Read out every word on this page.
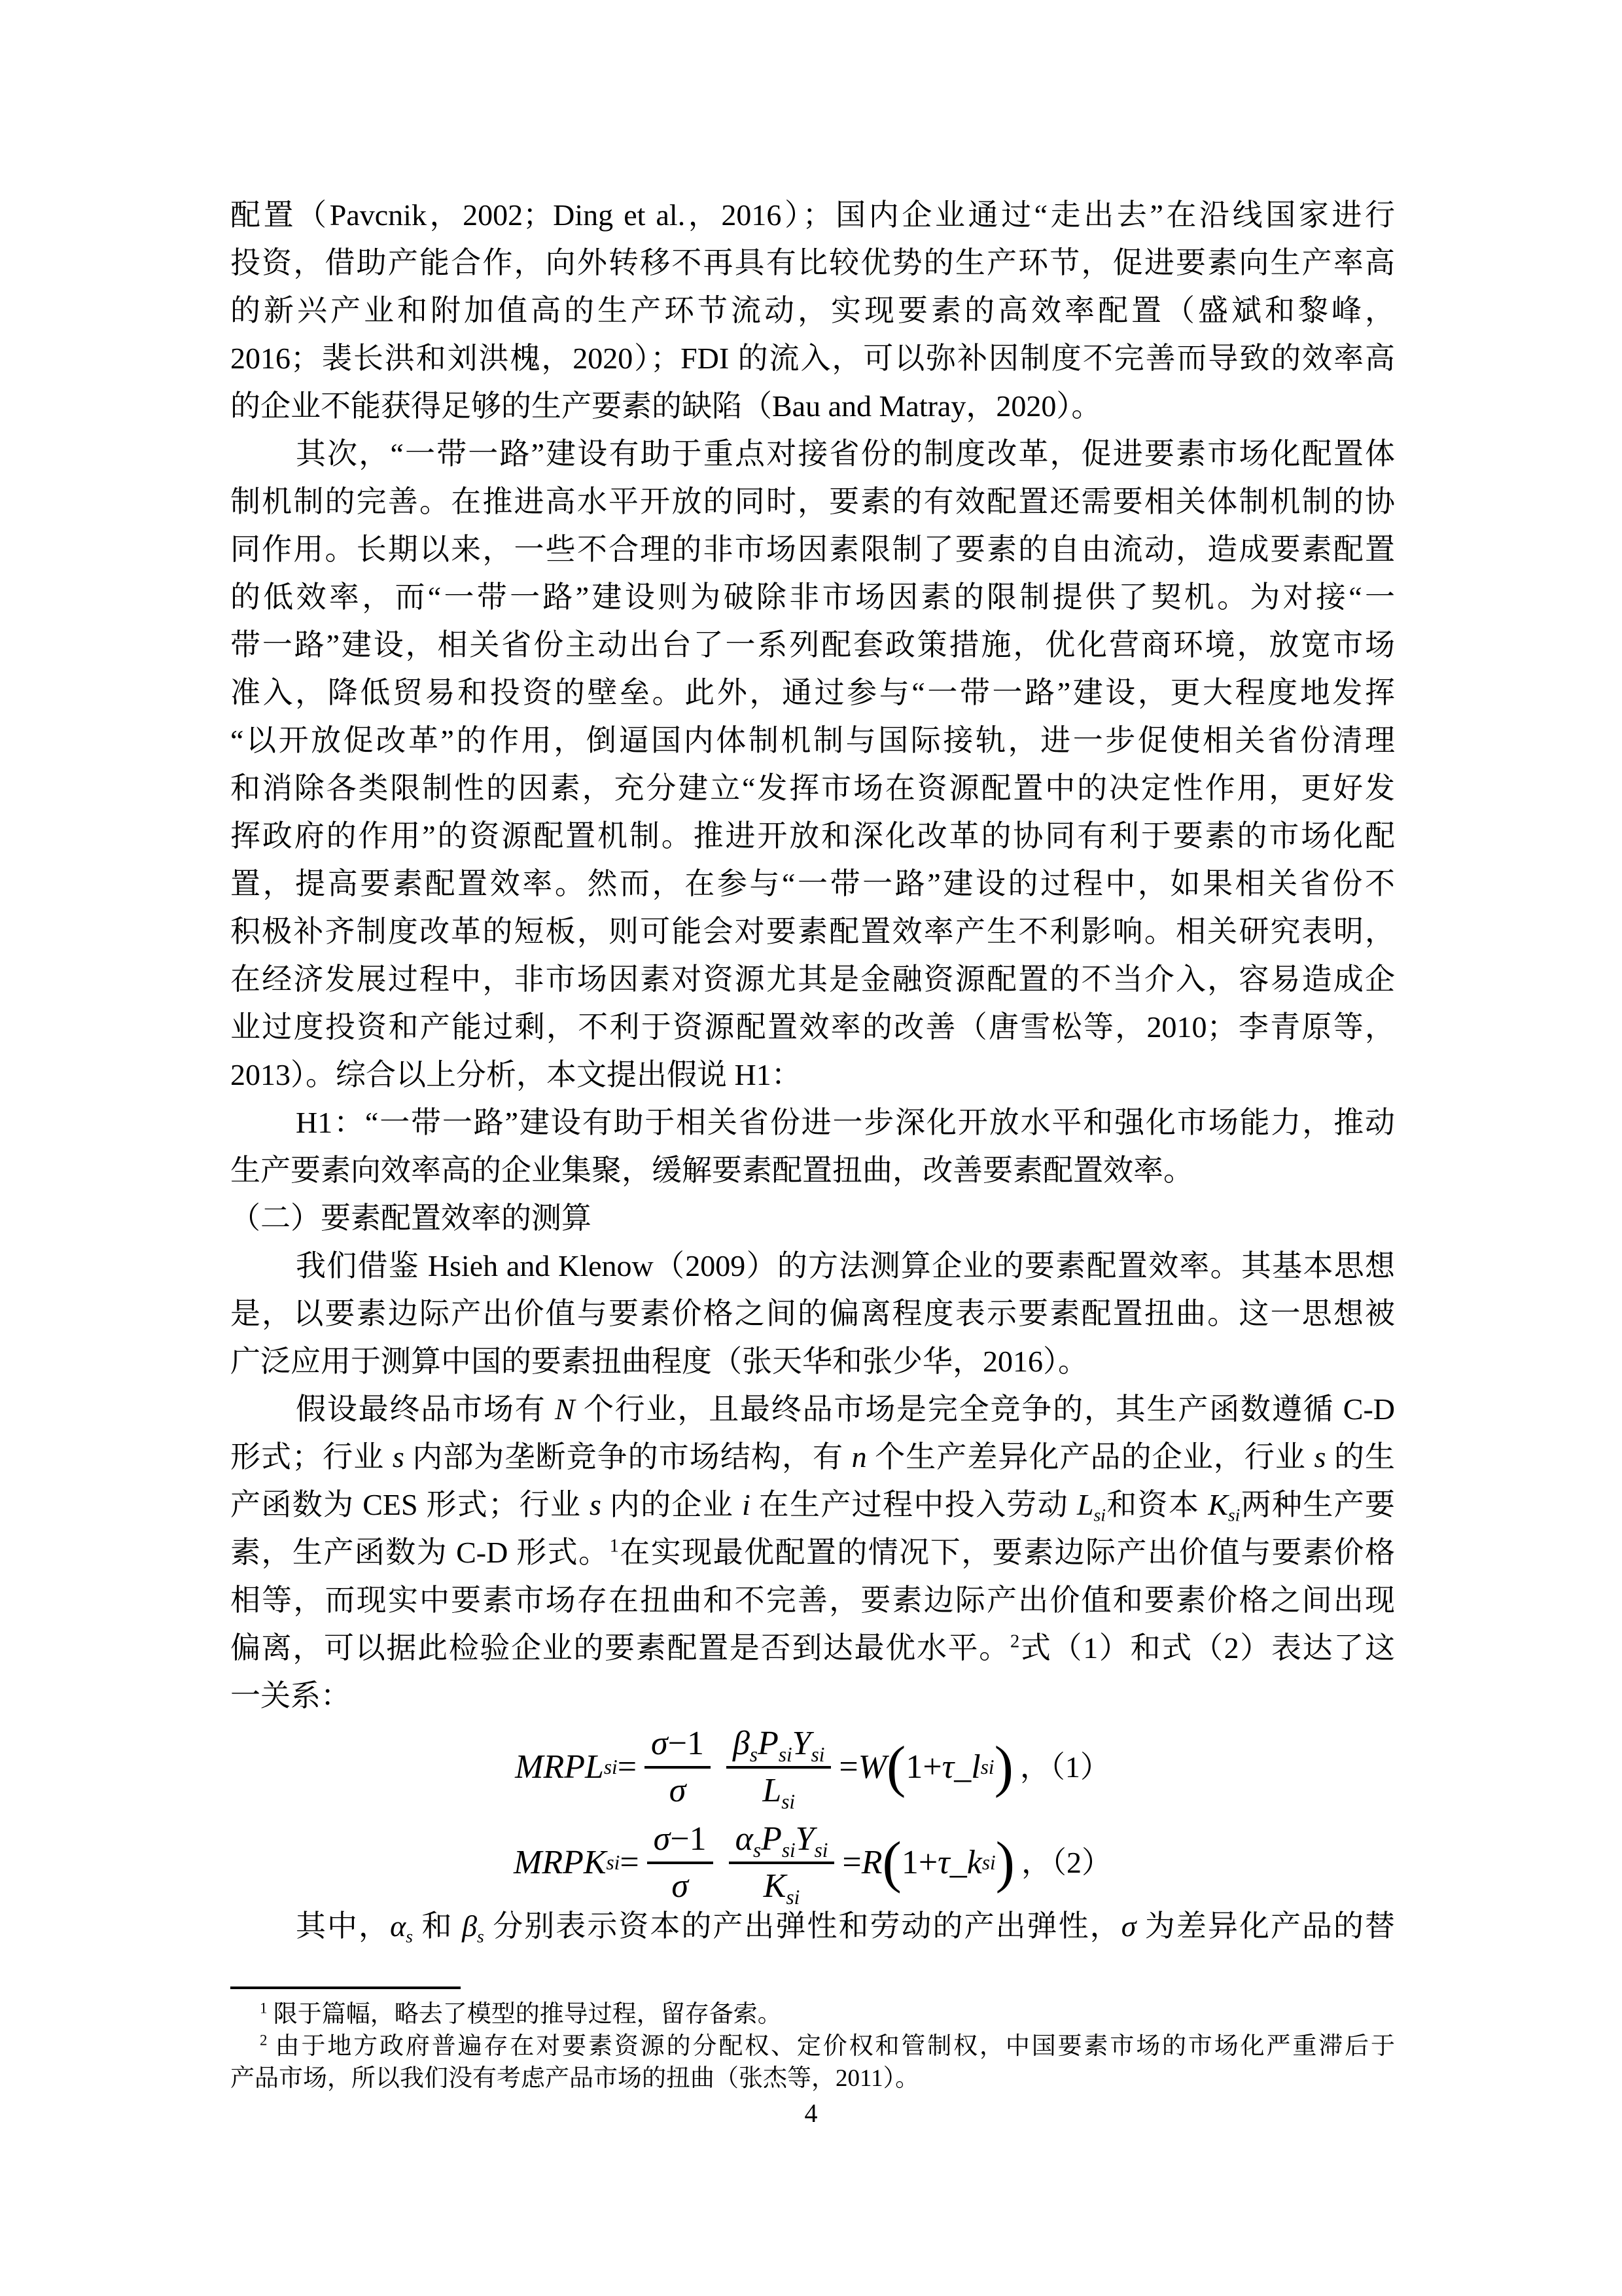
配置（Pavcnik，2002；Ding et al.，2016）；国内企业通过“走出去”在沿线国家进行
投资，借助产能合作，向外转移不再具有比较优势的生产环节，促进要素向生产率高
的新兴产业和附加值高的生产环节流动，实现要素的高效率配置（盛斌和黎峰，
2016；裴长洪和刘洪槐，2020）；FDI 的流入，可以弥补因制度不完善而导致的效率高
的企业不能获得足够的生产要素的缺陷（Bau and Matray，2020）。
其次，“一带一路”建设有助于重点对接省份的制度改革，促进要素市场化配置体
制机制的完善。在推进高水平开放的同时，要素的有效配置还需要相关体制机制的协
同作用。长期以来，一些不合理的非市场因素限制了要素的自由流动，造成要素配置
的低效率，而“一带一路”建设则为破除非市场因素的限制提供了契机。为对接“一
带一路”建设，相关省份主动出台了一系列配套政策措施，优化营商环境，放宽市场
准入，降低贸易和投资的壁垒。此外，通过参与“一带一路”建设，更大程度地发挥
“以开放促改革”的作用，倒逼国内体制机制与国际接轨，进一步促使相关省份清理
和消除各类限制性的因素，充分建立“发挥市场在资源配置中的决定性作用，更好发
挥政府的作用”的资源配置机制。推进开放和深化改革的协同有利于要素的市场化配
置，提高要素配置效率。然而，在参与“一带一路”建设的过程中，如果相关省份不
积极补齐制度改革的短板，则可能会对要素配置效率产生不利影响。相关研究表明，
在经济发展过程中，非市场因素对资源尤其是金融资源配置的不当介入，容易造成企
业过度投资和产能过剩，不利于资源配置效率的改善（唐雪松等，2010；李青原等，
2013）。综合以上分析，本文提出假说 H1：
H1：“一带一路”建设有助于相关省份进一步深化开放水平和强化市场能力，推动
生产要素向效率高的企业集聚，缓解要素配置扭曲，改善要素配置效率。
（二）要素配置效率的测算
我们借鉴 Hsieh and Klenow（2009）的方法测算企业的要素配置效率。其基本思想
是，以要素边际产出价值与要素价格之间的偏离程度表示要素配置扭曲。这一思想被
广泛应用于测算中国的要素扭曲程度（张天华和张少华，2016）。
假设最终品市场有 N 个行业，且最终品市场是完全竞争的，其生产函数遵循 C-D
形式；行业 s 内部为垄断竞争的市场结构，有 n 个生产差异化产品的企业，行业 s 的生
产函数为 CES 形式；行业 s 内的企业 i 在生产过程中投入劳动 $L_{si}$和资本 $K_{si}$两种生产要
素，生产函数为 C-D 形式。$^1$在实现最优配置的情况下，要素边际产出价值与要素价格
相等，而现实中要素市场存在扭曲和不完善，要素边际产出价值和要素价格之间出现
偏离，可以据此检验企业的要素配置是否到达最优水平。$^2$式（1）和式（2）表达了这
一关系：
MRPL si = $\frac{\sigma-1}{\sigma} \frac{\beta_sP_{si}Y_{si}}{L_{si}} = W$ ( 1+ τ _ l si ) ，（1）
MRPK si = $\frac{\sigma-1}{\sigma} \frac{\alpha_sP_{si}Y_{si}}{K_{si}} = R$ ( 1+ τ _ k si ) ，（2）
其中，$\alpha_s$ 和 $\beta_s$ 分别表示资本的产出弹性和劳动的产出弹性，σ 为差异化产品的替
$^1$ 限于篇幅，略去了模型的推导过程，留存备索。
$^2$ 由于地方政府普遍存在对要素资源的分配权、定价权和管制权，中国要素市场的市场化严重滞后于
产品市场，所以我们没有考虑产品市场的扭曲（张杰等，2011）。
4
